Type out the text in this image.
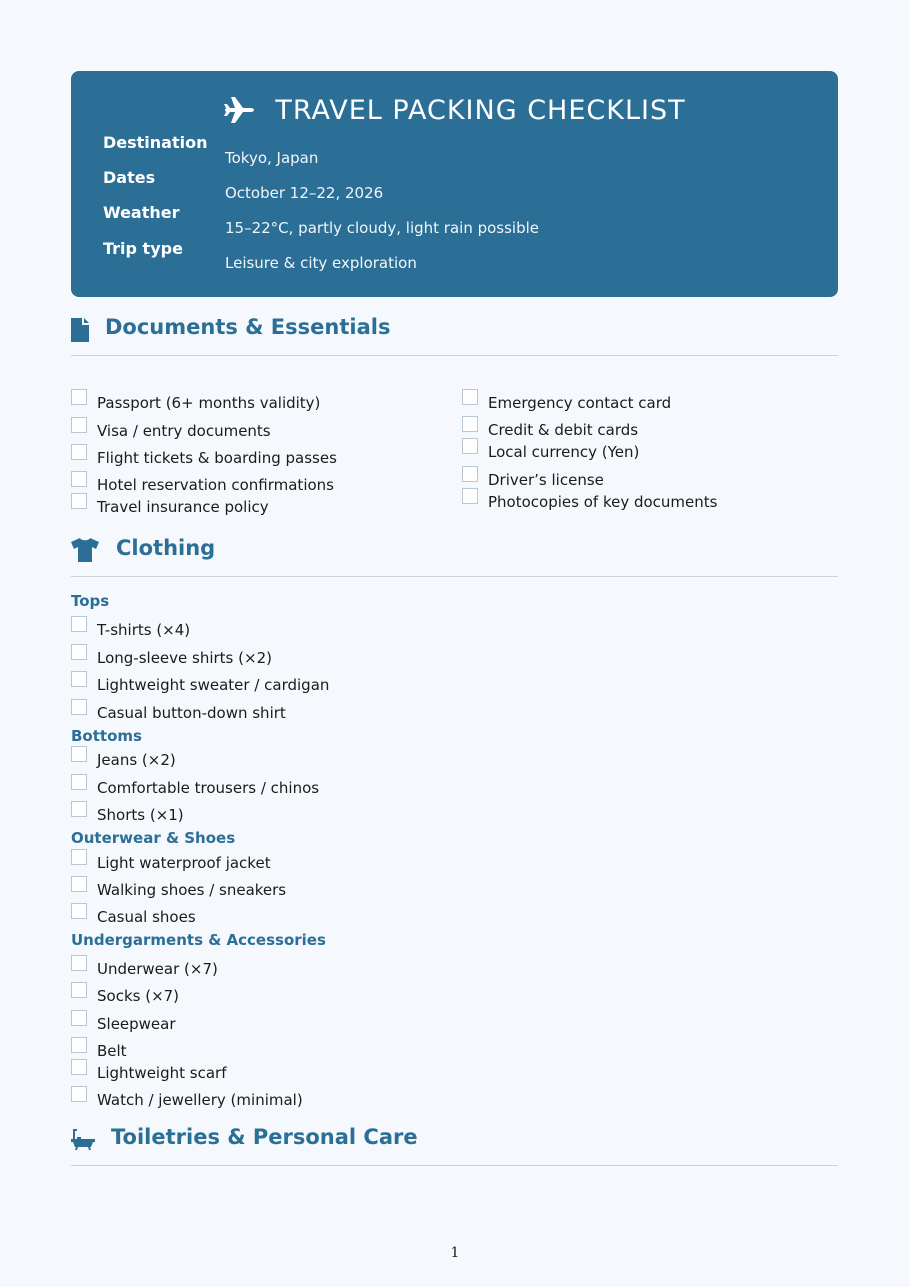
TRAVEL PACKING CHECKLIST
Destination
Dates
Weather
Trip type
Tokyo, Japan
October 12–22, 2026
15–22°C, partly cloudy, light rain possible
Leisure & city exploration
Documents & Essentials
Passport (6+ months validity)
Visa / entry documents
Flight tickets & boarding passes
Hotel reservation confirmations
Travel insurance policy
Emergency contact card
Credit & debit cards
Local currency (Yen)
Driver’s license
Photocopies of key documents
Clothing
Tops
T-shirts (×4)
Long-sleeve shirts (×2)
Lightweight sweater / cardigan
Casual button-down shirt
Bottoms
Jeans (×2)
Comfortable trousers / chinos
Shorts (×1)
Outerwear & Shoes
Light waterproof jacket
Walking shoes / sneakers
Casual shoes
Undergarments & Accessories
Underwear (×7)
Socks (×7)
Sleepwear
Belt
Lightweight scarf
Watch / jewellery (minimal)
Toiletries & Personal Care
1
